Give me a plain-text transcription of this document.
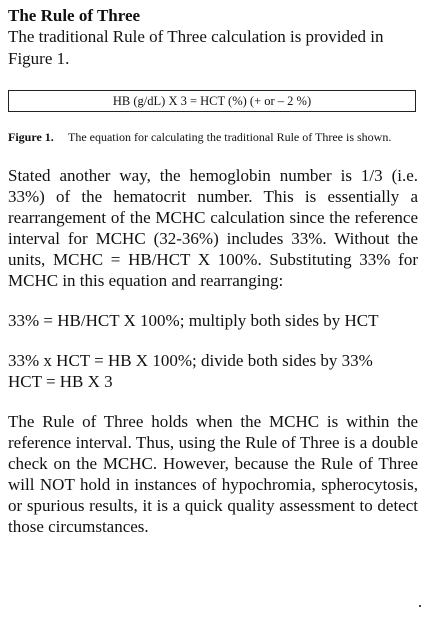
The Rule of Three

The traditional Rule of Three calculation is provided in Figure 1.

HB (g/dL) X 3 = HCT (%) (+ or – 2 %)
Figure 1.	The equation for calculating the traditional Rule of Three is shown.

Stated another way, the hemoglobin number is 1/3 (i.e. 33%) of the hematocrit number. This is essentially a rearrangement of the MCHC calculation since the reference interval for MCHC (32-36%) includes 33%. Without the units, MCHC = HB/HCT X 100%. Substituting 33% for MCHC in this equation and rearranging:

33% = HB/HCT X 100%; multiply both sides by HCT

33% x HCT = HB X 100%; divide both sides by 33%

HCT = HB X 3

The Rule of Three holds when the MCHC is within the reference interval. Thus, using the Rule of Three is a double check on the MCHC. However, because the Rule of Three will NOT hold in instances of hypochromia, spherocytosis, or spurious results, it is a quick quality assessment to detect those circumstances.
